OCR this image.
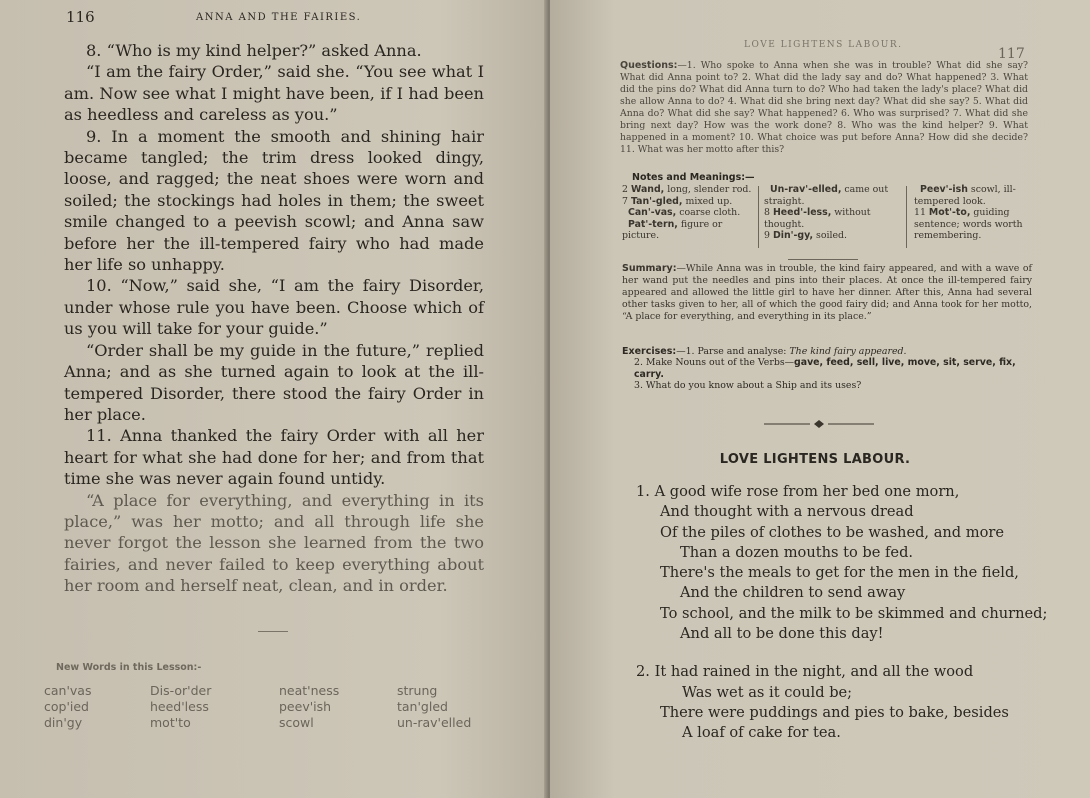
116	ANNA AND THE FAIRIES.

8. “Who is my kind helper?” asked Anna.

“I am the fairy Order,” said she. “You see what I am. Now see what I might have been, if I had been as heedless and careless as you.”

9. In a moment the smooth and shining hair became tangled; the trim dress looked dingy, loose, and ragged; the neat shoes were worn and soiled; the stockings had holes in them; the sweet smile changed to a peevish scowl; and Anna saw before her the ill-tempered fairy who had made her life so unhappy.

10. “Now,” said she, “I am the fairy Disorder, under whose rule you have been. Choose which of us you will take for your guide.”

“Order shall be my guide in the future,” replied Anna; and as she turned again to look at the ill-tempered Disorder, there stood the fairy Order in her place.

11. Anna thanked the fairy Order with all her heart for what she had done for her; and from that time she was never again found untidy.

“A place for everything, and everything in its place,” was her motto; and all through life she never forgot the lesson she learned from the two fairies, and never failed to keep everything about her room and herself neat, clean, and in order.

New Words in this Lesson:-
can'vas	Dis-or'der	neat'ness	strung
cop'ied	heed'less	peev'ish	tan'gled
din'gy	mot'to	scowl	un-rav'elled
LOVE LIGHTENS LABOUR.
117
Questions:—1. Who spoke to Anna when she was in trouble? What did she say? What did Anna point to? 2. What did the lady say and do? What happened? 3. What did the pins do? What did Anna turn to do? Who had taken the lady's place? What did she allow Anna to do? 4. What did she bring next day? What did she say? 5. What did Anna do? What did she say? What happened? 6. Who was surprised? 7. What did she bring next day? How was the work done? 8. Who was the kind helper? 9. What happened in a moment? 10. What choice was put before Anna? How did she decide? 11. What was her motto after this?
Notes and Meanings:—
2 Wand, long, slender rod.
7 Tan'-gled, mixed up.
Can'-vas, coarse cloth.
Pat'-tern, figure or picture.
Un-rav'-elled, came out straight.
8 Heed'-less, without thought.
9 Din'-gy, soiled.
Peev'-ish scowl, ill-tempered look.
11 Mot'-to, guiding sentence; words worth remembering.
Summary:—While Anna was in trouble, the kind fairy appeared, and with a wave of her wand put the needles and pins into their places. At once the ill-tempered fairy appeared and allowed the little girl to have her dinner. After this, Anna had several other tasks given to her, all of which the good fairy did; and Anna took for her motto, “A place for everything, and everything in its place.”
Exercises:—1. Parse and analyse: The kind fairy appeared.
2. Make Nouns out of the Verbs—gave, feed, sell, live, move, sit, serve, fix, carry.
3. What do you know about a Ship and its uses?
LOVE LIGHTENS LABOUR.
1. A good wife rose from her bed one morn,
And thought with a nervous dread
Of the piles of clothes to be washed, and more
Than a dozen mouths to be fed.
There's the meals to get for the men in the field,
And the children to send away
To school, and the milk to be skimmed and churned;
And all to be done this day!
2. It had rained in the night, and all the wood
Was wet as it could be;
There were puddings and pies to bake, besides
A loaf of cake for tea.
